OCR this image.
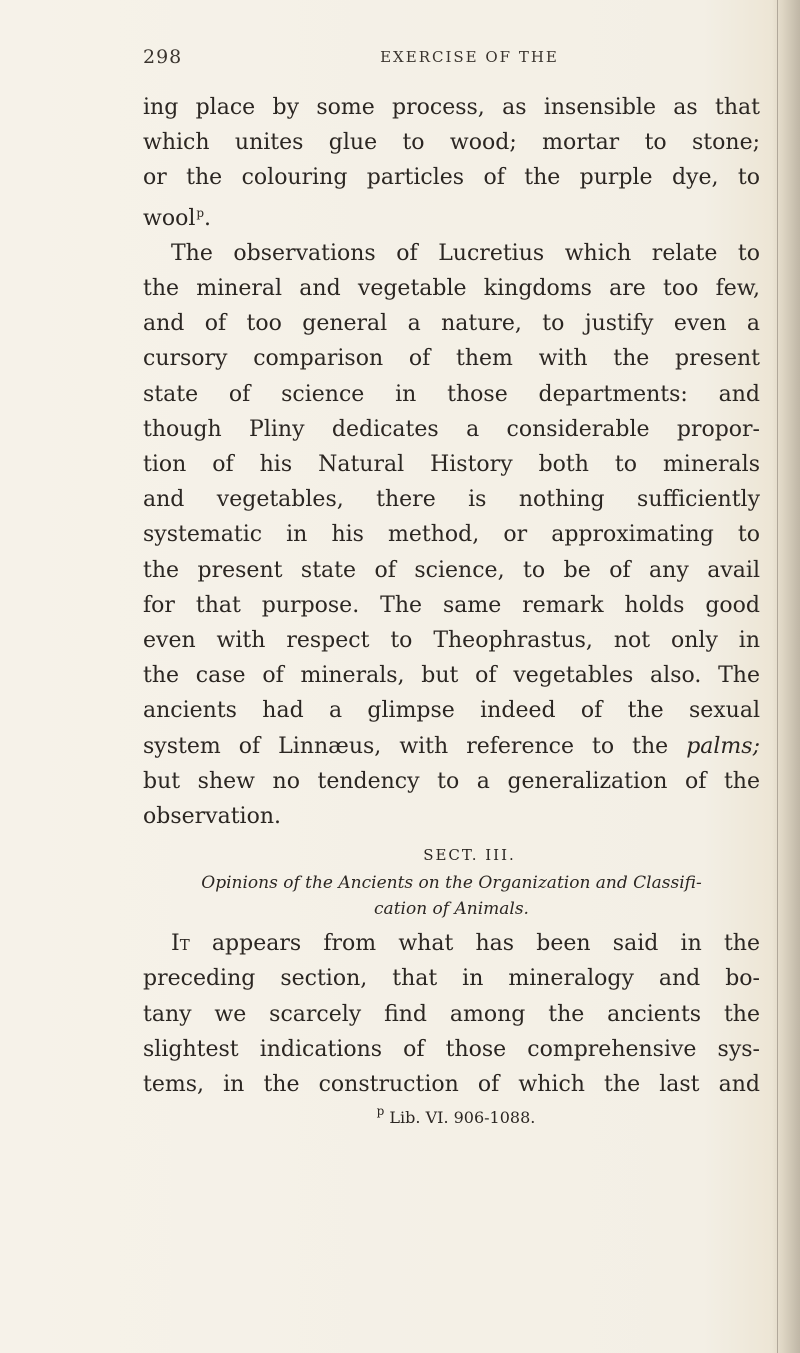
298	EXERCISE OF THE

ing place by some process, as insensible as that
which unites glue to wood; mortar to stone;
or the colouring particles of the purple dye, to
wool$^p$.

The observations of Lucretius which relate to
the mineral and vegetable kingdoms are too few,
and of too general a nature, to justify even a
cursory comparison of them with the present
state of science in those departments: and
though Pliny dedicates a considerable propor-
tion of his Natural History both to minerals
and vegetables, there is nothing sufficiently
systematic in his method, or approximating to
the present state of science, to be of any avail
for that purpose. The same remark holds good
even with respect to Theophrastus, not only in
the case of minerals, but of vegetables also. The
ancients had a glimpse indeed of the sexual
system of Linnæus, with reference to the palms;
but shew no tendency to a generalization of the
observation.

SECT. III.
Opinions of the Ancients on the Organization and Classifi-
cation of Animals.

It appears from what has been said in the
preceding section, that in mineralogy and bo-
tany we scarcely find among the ancients the
slightest indications of those comprehensive sys-
tems, in the construction of which the last and

$^p$ Lib. VI. 906-1088.
